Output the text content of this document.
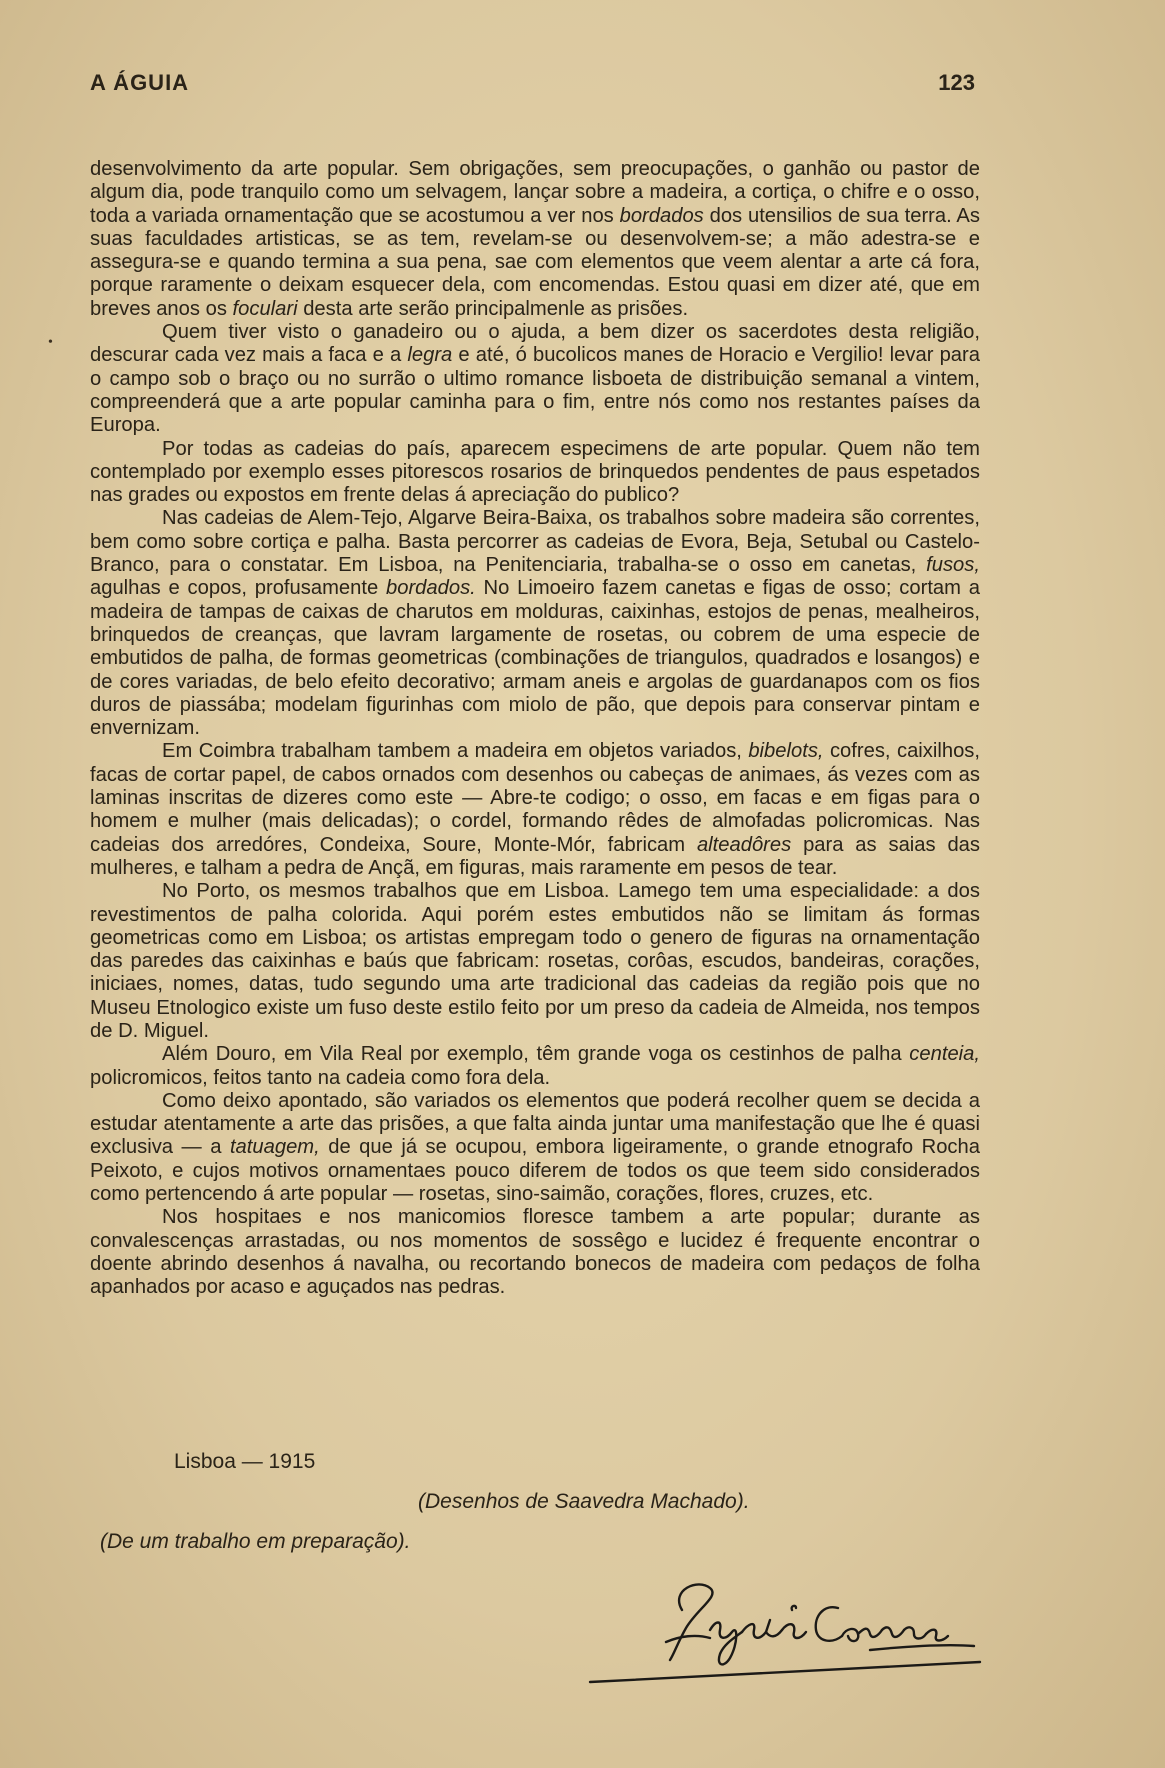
A ÁGUIA	123
•

desenvolvimento da arte popular. Sem obrigações, sem preocupações, o ganhão ou pastor de algum dia, pode tranquilo como um selvagem, lançar sobre a madeira, a cortiça, o chifre e o osso, toda a variada ornamentação que se acostumou a ver nos bordados dos utensilios de sua terra. As suas faculdades artisticas, se as tem, revelam-se ou desenvolvem-se; a mão adestra-se e assegura-se e quando termina a sua pena, sae com elementos que veem alentar a arte cá fora, porque raramente o deixam esquecer dela, com encomendas. Estou quasi em dizer até, que em breves anos os foculari desta arte serão principalmenle as prisões.

Quem tiver visto o ganadeiro ou o ajuda, a bem dizer os sacerdotes desta religião, descurar cada vez mais a faca e a legra e até, ó bucolicos manes de Horacio e Vergilio! levar para o campo sob o braço ou no surrão o ultimo romance lisboeta de distribuição semanal a vintem, compreenderá que a arte popular caminha para o fim, entre nós como nos restantes países da Europa.

Por todas as cadeias do país, aparecem especimens de arte popular. Quem não tem contemplado por exemplo esses pitorescos rosarios de brinquedos pendentes de paus espetados nas grades ou expostos em frente delas á apreciação do publico?

Nas cadeias de Alem-Tejo, Algarve Beira-Baixa, os trabalhos sobre madeira são correntes, bem como sobre cortiça e palha. Basta percorrer as cadeias de Evora, Beja, Setubal ou Castelo-Branco, para o constatar. Em Lisboa, na Penitenciaria, trabalha-se o osso em canetas, fusos, agulhas e copos, profusamente bordados. No Limoeiro fazem canetas e figas de osso; cortam a madeira de tampas de caixas de charutos em molduras, caixinhas, estojos de penas, mealheiros, brinquedos de creanças, que lavram largamente de rosetas, ou cobrem de uma especie de embutidos de palha, de formas geometricas (combinações de triangulos, quadrados e losangos) e de cores variadas, de belo efeito decorativo; armam aneis e argolas de guardanapos com os fios duros de piassába; modelam figurinhas com miolo de pão, que depois para conservar pintam e envernizam.

Em Coimbra trabalham tambem a madeira em objetos variados, bibelots, cofres, caixilhos, facas de cortar papel, de cabos ornados com desenhos ou cabeças de animaes, ás vezes com as laminas inscritas de dizeres como este — Abre-te codigo; o osso, em facas e em figas para o homem e mulher (mais delicadas); o cordel, formando rêdes de almofadas policromicas. Nas cadeias dos arredóres, Condeixa, Soure, Monte-Mór, fabricam alteadôres para as saias das mulheres, e talham a pedra de Ançã, em figuras, mais raramente em pesos de tear.

No Porto, os mesmos trabalhos que em Lisboa. Lamego tem uma especialidade: a dos revestimentos de palha colorida. Aqui porém estes embutidos não se limitam ás formas geometricas como em Lisboa; os artistas empregam todo o genero de figuras na ornamentação das paredes das caixinhas e baús que fabricam: rosetas, corôas, escudos, bandeiras, corações, iniciaes, nomes, datas, tudo segundo uma arte tradicional das cadeias da região pois que no Museu Etnologico existe um fuso deste estilo feito por um preso da cadeia de Almeida, nos tempos de D. Miguel.

Além Douro, em Vila Real por exemplo, têm grande voga os cestinhos de palha centeia, policromicos, feitos tanto na cadeia como fora dela.

Como deixo apontado, são variados os elementos que poderá recolher quem se decida a estudar atentamente a arte das prisões, a que falta ainda juntar uma manifestação que lhe é quasi exclusiva — a tatuagem, de que já se ocupou, embora ligeiramente, o grande etnografo Rocha Peixoto, e cujos motivos ornamentaes pouco diferem de todos os que teem sido considerados como pertencendo á arte popular — rosetas, sino-saimão, corações, flores, cruzes, etc.

Nos hospitaes e nos manicomios floresce tambem a arte popular; durante as convalescenças arrastadas, ou nos momentos de sossêgo e lucidez é frequente encontrar o doente abrindo desenhos á navalha, ou recortando bonecos de madeira com pedaços de folha apanhados por acaso e aguçados nas pedras.

Lisboa — 1915
(Desenhos de Saavedra Machado).
(De um trabalho em preparação).
